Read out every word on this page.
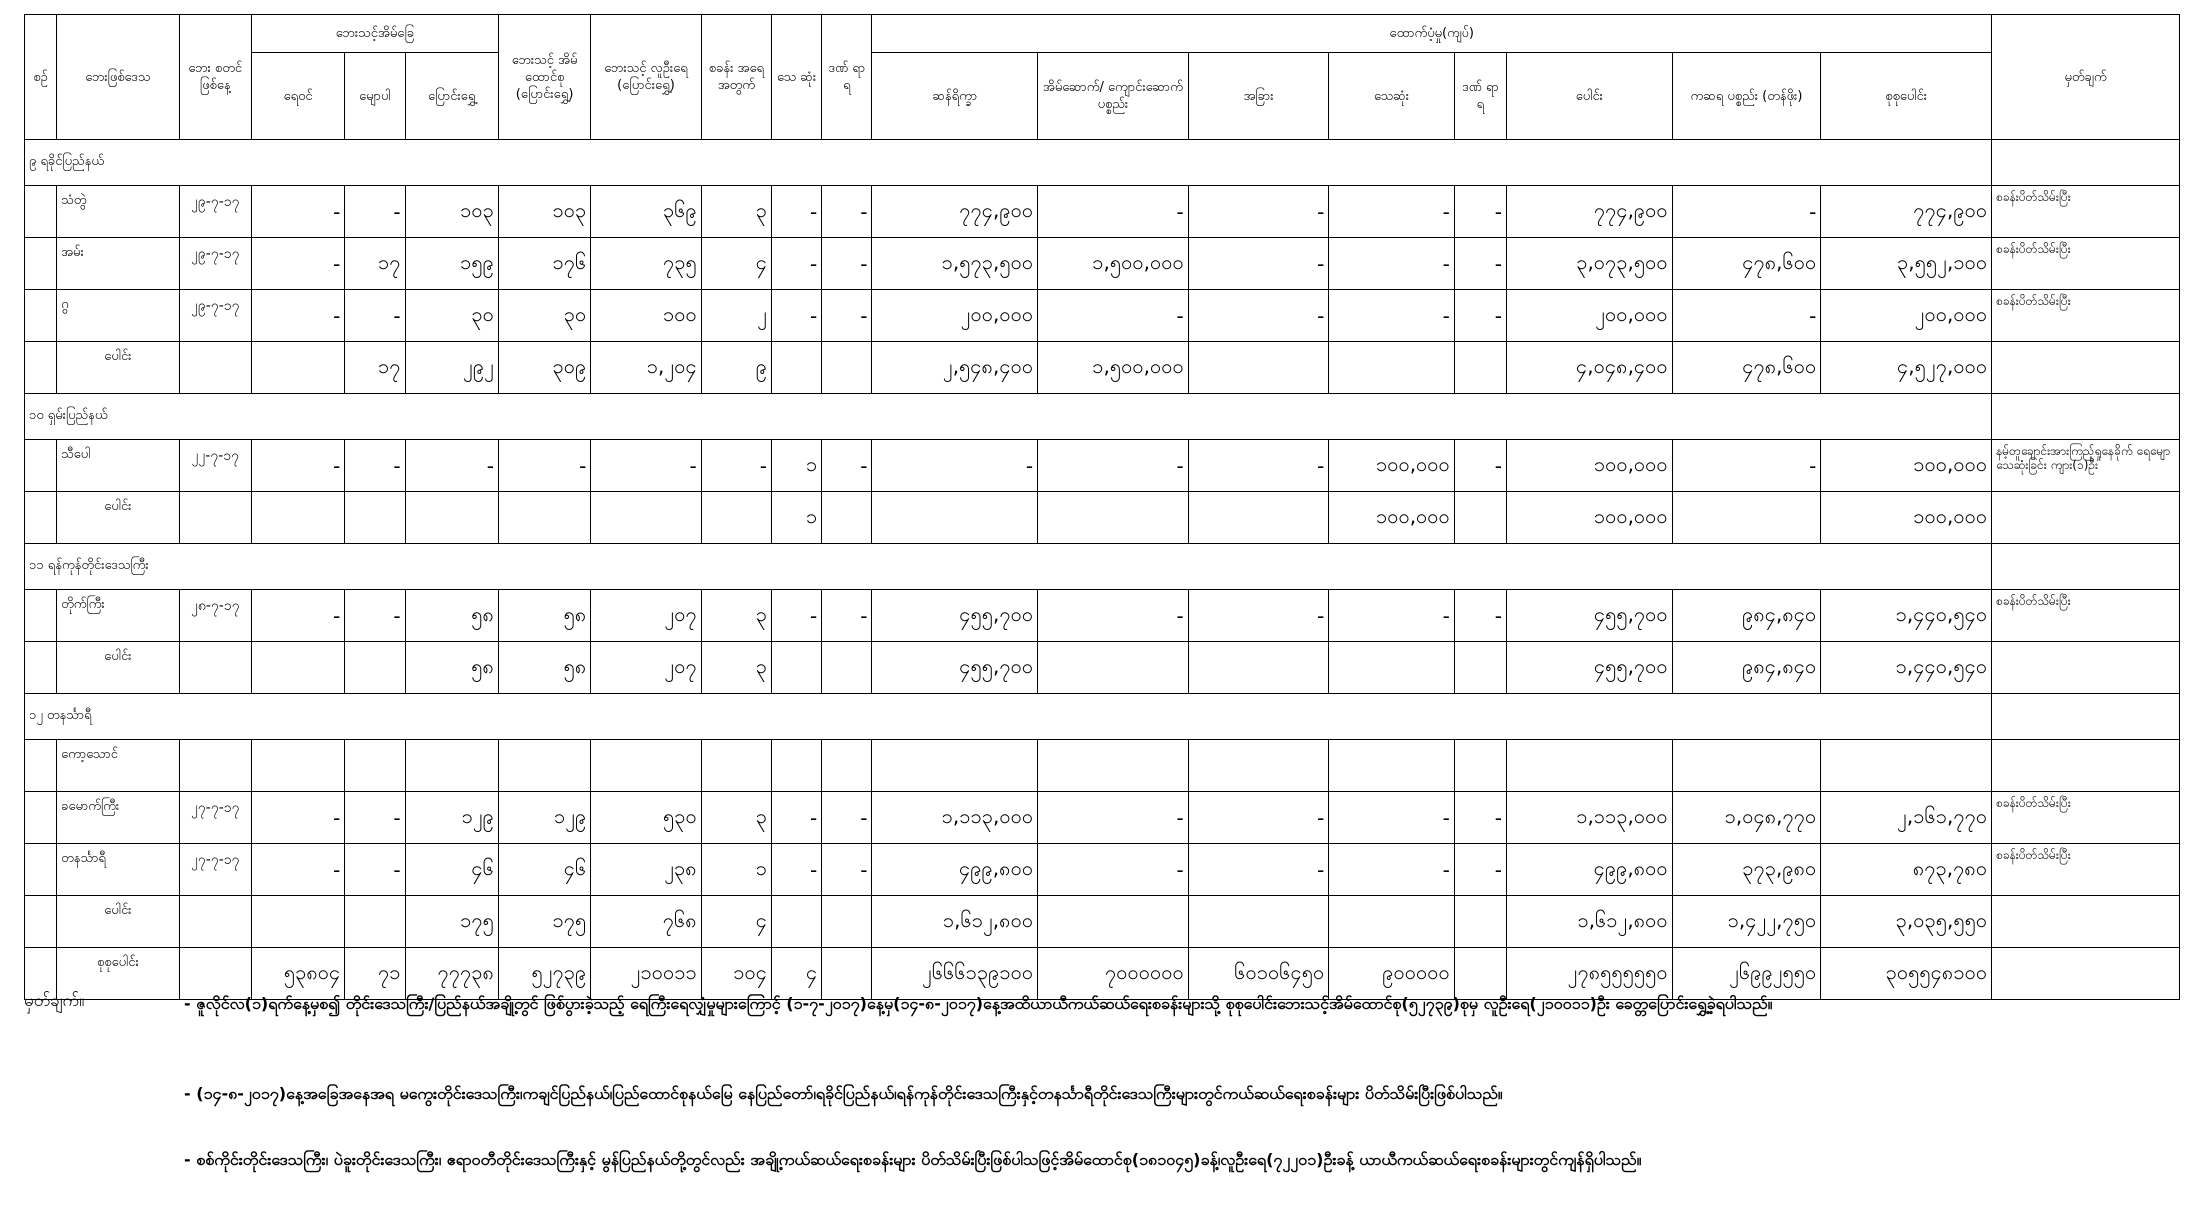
စဉ်	ဘေးဖြစ်ဒေသ	ဘေး စတင် ဖြစ်နေ့	ဘေးသင့်အိမ်ခြေ			ဘေးသင့် အိမ် ထောင်စု (ပြောင်းရွှေ့)	ဘေးသင့် လူဦးရေ (ပြောင်းရွှေ့)	စခန်း အရေ အတွက်	သေ ဆုံး	ဒဏ် ရာ ရ	ထောက်ပံ့မှု(ကျပ်)								မှတ်ချက်
			ရေဝင်	မျောပါ	ပြောင်းရွှေ့						ဆန်ရိက္ခာ	အိမ်ဆောက်/ ကျောင်းဆောက် ပစ္စည်း	အခြား	သေဆုံး	ဒဏ် ရာ ရ	ပေါင်း	ကဆရ ပစ္စည်း (တန်ဖိုး)	စုစုပေါင်း	
၉ ရခိုင်ပြည်နယ်																			
	သံတွဲ	၂၉-၇-၁၇	-	-	၁၀၃	၁၀၃	၃၆၉	၃	-	-	၇၇၄,၉၀၀	-	-	-	-	၇၇၄,၉၀၀	-	၇၇၄,၉၀၀	စခန်းပိတ်သိမ်းပြီး
	အမ်း	၂၉-၇-၁၇	-	၁၇	၁၅၉	၁၇၆	၇၃၅	၄	-	-	၁,၅၇၃,၅၀၀	၁,၅၀၀,၀၀၀	-	-	-	၃,၀၇၃,၅၀၀	၄၇၈,၆၀၀	၃,၅၅၂,၁၀၀	စခန်းပိတ်သိမ်းပြီး
	ဂွ	၂၉-၇-၁၇	-	-	၃၀	၃၀	၁၀၀	၂	-	-	၂၀၀,၀၀၀	-	-	-	-	၂၀၀,၀၀၀	-	၂၀၀,၀၀၀	စခန်းပိတ်သိမ်းပြီး
	ပေါင်း			၁၇	၂၉၂	၃၀၉	၁,၂၀၄	၉			၂,၅၄၈,၄၀၀	၁,၅၀၀,၀၀၀				၄,၀၄၈,၄၀၀	၄၇၈,၆၀၀	၄,၅၂၇,၀၀၀	
၁၀ ရှမ်းပြည်နယ်																			
	သီပေါ	၂၂-၇-၁၇	-	-	-	-	-	-	၁	-	-	-	-	၁၀၀,၀၀၀	-	၁၀၀,၀၀၀	-	၁၀၀,၀၀၀	နမ့်တူချောင်းအားကြည့်ရှုနေခိုက် ရေမျောသေဆုံးခြင်း ကျား(၁)ဦး
	ပေါင်း								၁					၁၀၀,၀၀၀		၁၀၀,၀၀၀		၁၀၀,၀၀၀	
၁၁ ရန်ကုန်တိုင်းဒေသကြီး																			
	တိုက်ကြီး	၂၈-၇-၁၇	-	-	၅၈	၅၈	၂၀၇	၃	-	-	၄၅၅,၇၀၀	-	-	-	-	၄၅၅,၇၀၀	၉၈၄,၈၄၀	၁,၄၄၀,၅၄၀	စခန်းပိတ်သိမ်းပြီး
	ပေါင်း				၅၈	၅၈	၂၀၇	၃			၄၅၅,၇၀၀					၄၅၅,၇၀၀	၉၈၄,၈၄၀	၁,၄၄၀,၅၄၀	
၁၂ တနင်္သာရီ																			
	ကော့သောင်																		
	ခမောက်ကြီး	၂၇-၇-၁၇	-	-	၁၂၉	၁၂၉	၅၃၀	၃	-	-	၁,၁၁၃,၀၀၀	-	-	-	-	၁,၁၁၃,၀၀၀	၁,၀၄၈,၇၇၀	၂,၁၆၁,၇၇၀	စခန်းပိတ်သိမ်းပြီး
	တနင်္သာရီ	၂၇-၇-၁၇	-	-	၄၆	၄၆	၂၃၈	၁	-	-	၄၉၉,၈၀၀	-	-	-	-	၄၉၉,၈၀၀	၃၇၃,၉၈၀	၈၇၃,၇၈၀	စခန်းပိတ်သိမ်းပြီး
	ပေါင်း				၁၇၅	၁၇၅	၇၆၈	၄			၁,၆၁၂,၈၀၀					၁,၆၁၂,၈၀၀	၁,၄၂၂,၇၅၀	၃,၀၃၅,၅၅၀	
	စုစုပေါင်း		၅၃၈၀၄	၇၁	၇၇၇၃၈	၅၂၇၃၉	၂၁၀၀၁၁	၁၀၄	၄		၂၆၆၆၁၃၉၁၀၀	၇၀၀၀၀၀၀	၆၀၁၀၆၄၅၀	၉၀၀၀၀၀		၂၇၈၅၅၅၅၅၀	၂၆၉၉၂၅၅၀	၃၀၅၅၄၈၁၀၀	
မှတ်ချက်။	- ဇူလိုင်လ(၁)ရက်နေ့မှစ၍ တိုင်းဒေသကြီး/ပြည်နယ်အချို့တွင် ဖြစ်ပွားခဲ့သည့် ရေကြီးရေလျှံမှုများကြောင့် (၁-၇-၂၀၁၇)နေ့မှ(၁၄-၈-၂၀၁၇)နေ့အထိယာယီကယ်ဆယ်ရေးစခန်းများသို့ စုစုပေါင်းဘေးသင့်အိမ်ထောင်စု(၅၂၇၃၉)စုမှ လူဦးရေ(၂၁၀၀၁၁)ဦး ခေတ္တပြောင်းရွှေ့ခဲ့ရပါသည်။
- (၁၄-၈-၂၀၁၇)နေ့အခြေအနေအရ မကွေးတိုင်းဒေသကြီး၊ကချင်ပြည်နယ်၊ပြည်ထောင်စုနယ်မြေ နေပြည်တော်၊ရခိုင်ပြည်နယ်၊ရန်ကုန်တိုင်းဒေသကြီးနှင့်တနင်္သာရီတိုင်းဒေသကြီးများတွင်ကယ်ဆယ်ရေးစခန်းများ ပိတ်သိမ်းပြီးဖြစ်ပါသည်။
- စစ်ကိုင်းတိုင်းဒေသကြီး၊ ပဲခူးတိုင်းဒေသကြီး၊ ဧရာဝတီတိုင်းဒေသကြီးနှင့် မွန်ပြည်နယ်တို့တွင်လည်း အချို့ကယ်ဆယ်ရေးစခန်းများ ပိတ်သိမ်းပြီးဖြစ်ပါသဖြင့်အိမ်ထောင်စု(၁၈၁၀၄၅)ခန့်၊လူဦးရေ(၇၂၂၀၁)ဦးခန့် ယာယီကယ်ဆယ်ရေးစခန်းများတွင်ကျန်ရှိပါသည်။
